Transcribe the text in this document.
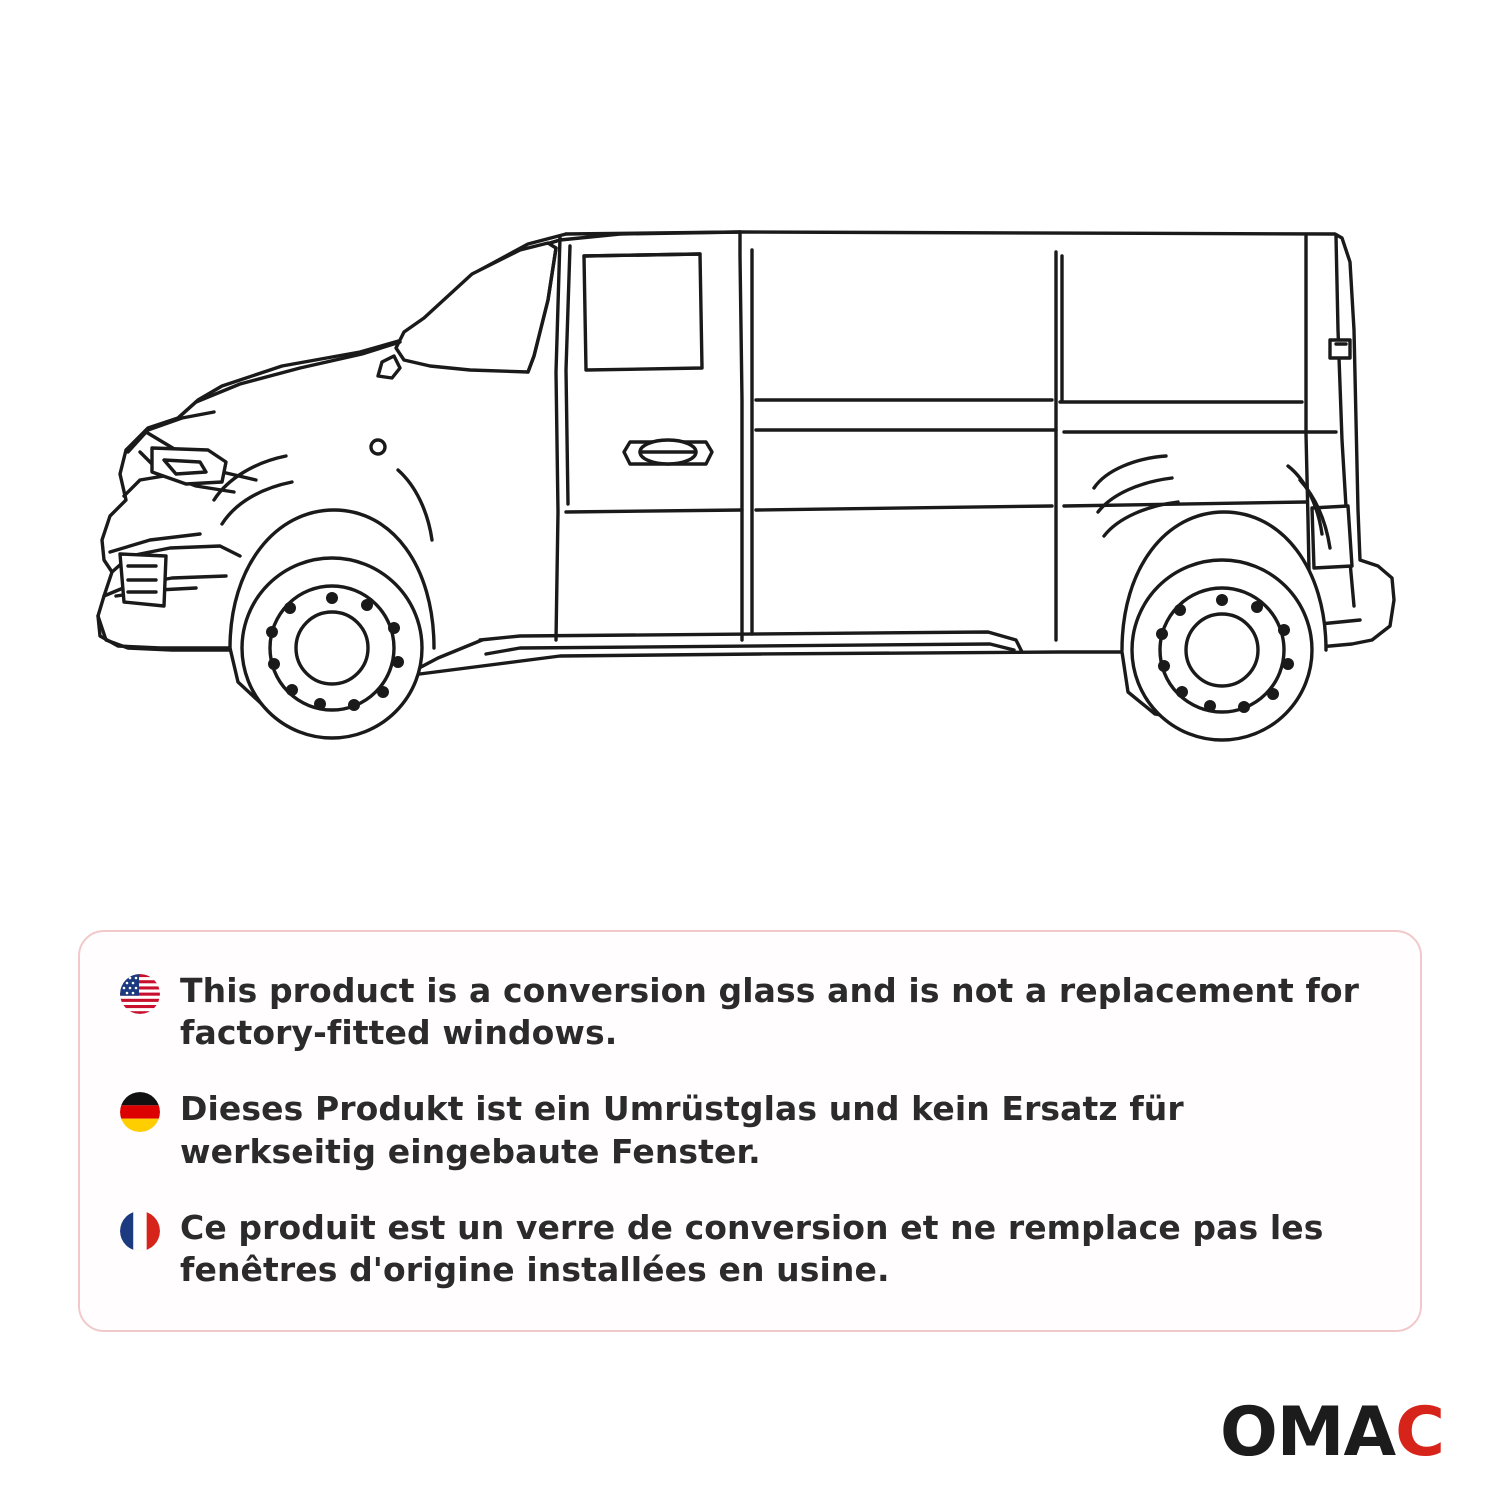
This product is a conversion glass and is not a replacement for factory-fitted windows.
Dieses Produkt ist ein Umrüstglas und kein Ersatz für werkseitig eingebaute Fenster.
Ce produit est un verre de conversion et ne remplace pas les fenêtres d'origine installées en usine.
OM A C
